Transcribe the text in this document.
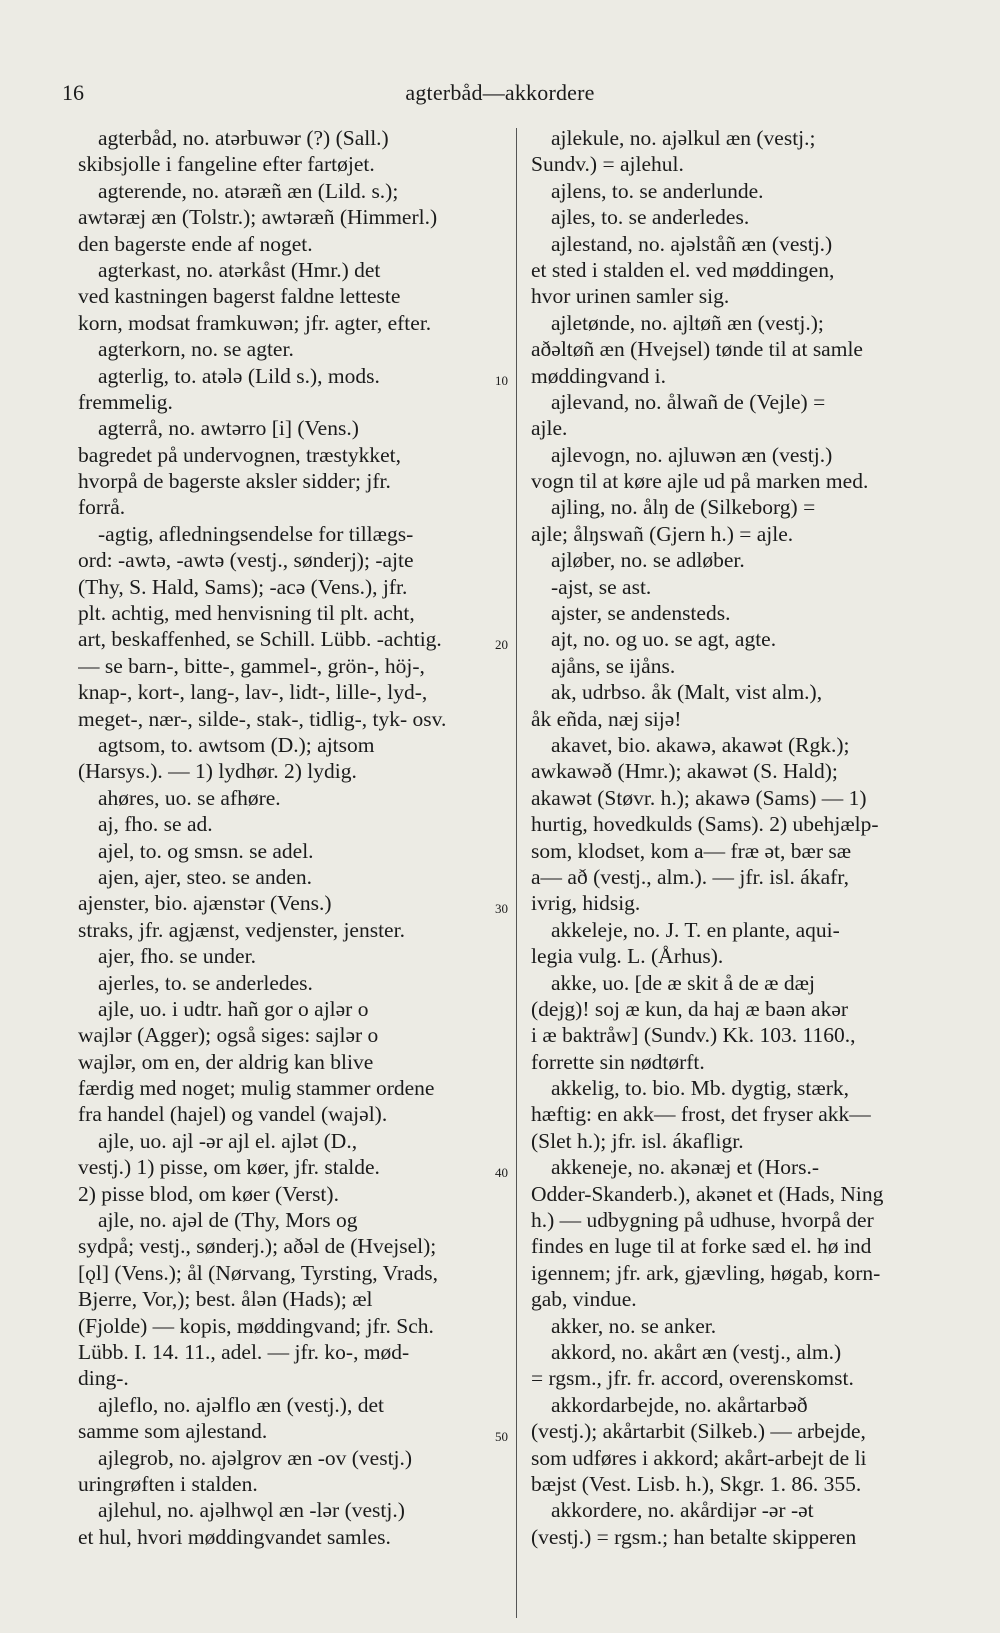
16	agterbåd—akkordere
agterbåd, no. atərbuwər (?) (Sall.)
skibsjolle i fangeline efter fartøjet.
agterende, no. atəræñ æn (Lild. s.);
awtəræj æn (Tolstr.); awtəræñ (Himmerl.)
den bagerste ende af noget.
agterkast, no. atərkåst (Hmr.) det
ved kastningen bagerst faldne letteste
korn, modsat framkuwən; jfr. agter, efter.
agterkorn, no. se agter.
agterlig, to. atələ (Lild s.), mods.
fremmelig.
agterrå, no. awtərro [i] (Vens.)
bagredet på undervognen, træstykket,
hvorpå de bagerste aksler sidder; jfr.
forrå.
-agtig, afledningsendelse for tillægs-
ord: -awtə, -awtə (vestj., sønderj); -ajte
(Thy, S. Hald, Sams); -acə (Vens.), jfr.
plt. achtig, med henvisning til plt. acht,
art, beskaffenhed, se Schill. Lübb. -achtig.
— se barn-, bitte-, gammel-, grön-, höj-,
knap-, kort-, lang-, lav-, lidt-, lille-, lyd-,
meget-, nær-, silde-, stak-, tidlig-, tyk- osv.
agtsom, to. awtsom (D.); ajtsom
(Harsys.). — 1) lydhør. 2) lydig.
ahøres, uo. se afhøre.
aj, fho. se ad.
ajel, to. og smsn. se adel.
ajen, ajer, steo. se anden.
ajenster, bio. ajænstər (Vens.)
straks, jfr. agjænst, vedjenster, jenster.
ajer, fho. se under.
ajerles, to. se anderledes.
ajle, uo. i udtr. hañ gor o ajlər o
wajlər (Agger); også siges: sajlər o
wajlər, om en, der aldrig kan blive
færdig med noget; mulig stammer ordene
fra handel (hajel) og vandel (wajəl).
ajle, uo. ajl -ər ajl el. ajlət (D.,
vestj.) 1) pisse, om køer, jfr. stalde.
2) pisse blod, om køer (Verst).
ajle, no. ajəl de (Thy, Mors og
sydpå; vestj., sønderj.); aðəl de (Hvejsel);
[ǫl] (Vens.); ål (Nørvang, Tyrsting, Vrads,
Bjerre, Vor,); best. ålən (Hads); æl
(Fjolde) — kopis, møddingvand; jfr. Sch.
Lübb. I. 14. 11., adel. — jfr. ko-, mød-
ding-.
ajleflo, no. ajəlflo æn (vestj.), det
samme som ajlestand.
ajlegrob, no. ajəlgrov æn -ov (vestj.)
uringrøften i stalden.
ajlehul, no. ajəlhwǫl æn -lər (vestj.)
et hul, hvori møddingvandet samles.
10
20
30
40
50
ajlekule, no. ajəlkul æn (vestj.;
Sundv.) = ajlehul.
ajlens, to. se anderlunde.
ajles, to. se anderledes.
ajlestand, no. ajəlståñ æn (vestj.)
et sted i stalden el. ved møddingen,
hvor urinen samler sig.
ajletønde, no. ajltøñ æn (vestj.);
aðəltøñ æn (Hvejsel) tønde til at samle
møddingvand i.
ajlevand, no. ålwañ de (Vejle) =
ajle.
ajlevogn, no. ajluwən æn (vestj.)
vogn til at køre ajle ud på marken med.
ajling, no. ålŋ de (Silkeborg) =
ajle; ålŋswañ (Gjern h.) = ajle.
ajløber, no. se adløber.
-ajst, se ast.
ajster, se andensteds.
ajt, no. og uo. se agt, agte.
ajåns, se ijåns.
ak, udrbso. åk (Malt, vist alm.),
åk eñda, næj sijə!
akavet, bio. akawə, akawət (Rgk.);
awkawəð (Hmr.); akawət (S. Hald);
akawət (Støvr. h.); akawə (Sams) — 1)
hurtig, hovedkulds (Sams). 2) ubehjælp-
som, klodset, kom a— fræ ət, bær sæ
a— að (vestj., alm.). — jfr. isl. ákafr,
ivrig, hidsig.
akkeleje, no. J. T. en plante, aqui-
legia vulg. L. (Århus).
akke, uo. [de æ skit å de æ dæj
(dejg)! soj æ kun, da haj æ baən akər
i æ baktråw] (Sundv.) Kk. 103. 1160.,
forrette sin nødtørft.
akkelig, to. bio. Mb. dygtig, stærk,
hæftig: en akk— frost, det fryser akk—
(Slet h.); jfr. isl. ákafligr.
akkeneje, no. akənæj et (Hors.-
Odder-Skanderb.), akənet et (Hads, Ning
h.) — udbygning på udhuse, hvorpå der
findes en luge til at forke sæd el. hø ind
igennem; jfr. ark, gjævling, høgab, korn-
gab, vindue.
akker, no. se anker.
akkord, no. akårt æn (vestj., alm.)
= rgsm., jfr. fr. accord, overenskomst.
akkordarbejde, no. akårtarbəð
(vestj.); akårtarbit (Silkeb.) — arbejde,
som udføres i akkord; akårt-arbejt de li
bæjst (Vest. Lisb. h.), Skgr. 1. 86. 355.
akkordere, no. akårdijər -ər -ət
(vestj.) = rgsm.; han betalte skipperen
